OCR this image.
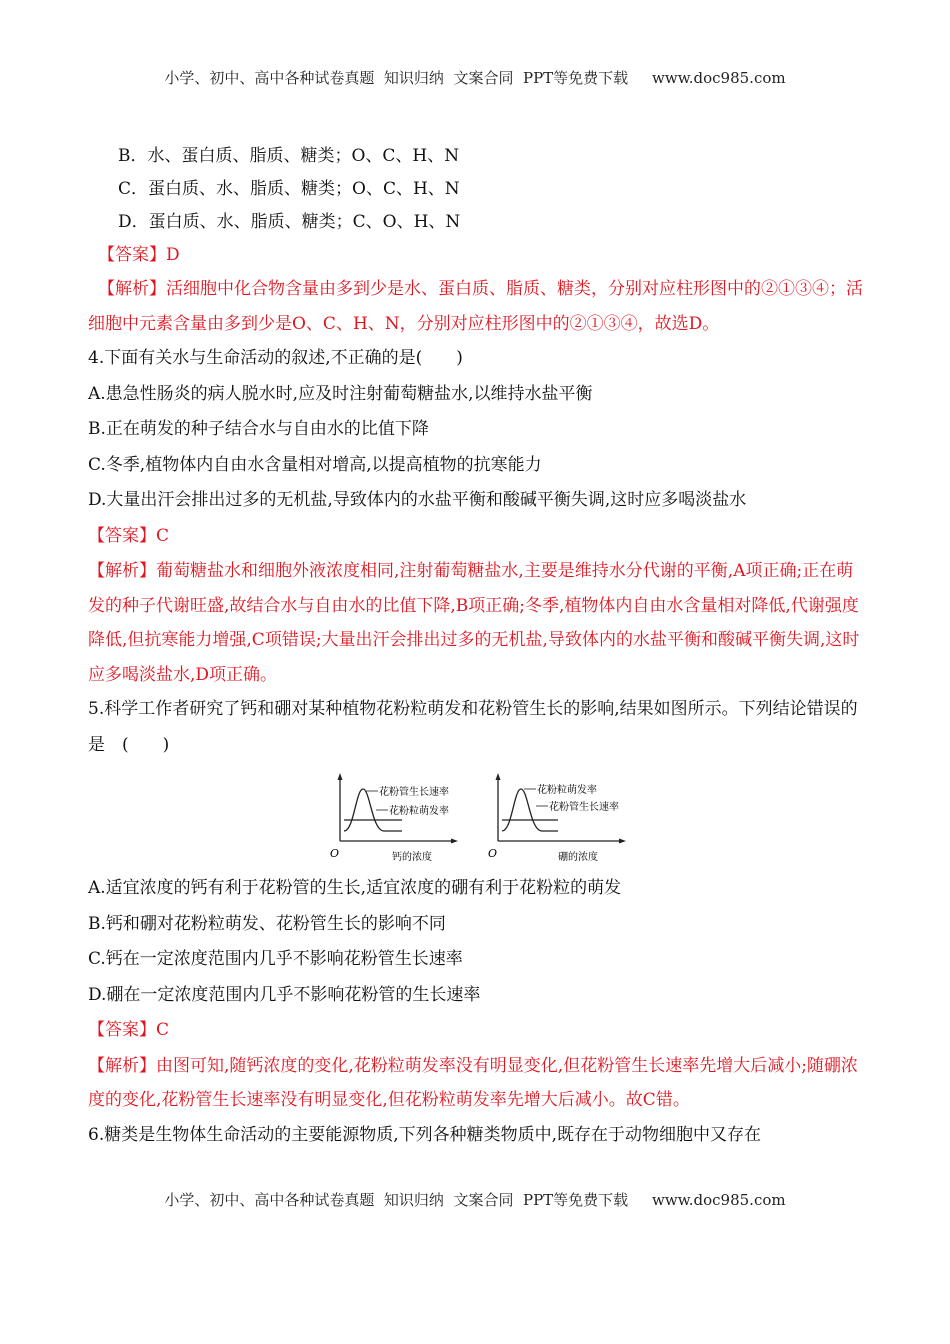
小学、初中、高中各种试卷真题  知识归纳  文案合同  PPT等免费下载     www.doc985.com
B．水、蛋白质、脂质、糖类；O、C、H、N
C．蛋白质、水、脂质、糖类；O、C、H、N
D．蛋白质、水、脂质、糖类；C、O、H、N
【答案】D
【解析】活细胞中化合物含量由多到少是水、蛋白质、脂质、糖类，分别对应柱形图中的②①③④；活细胞中元素含量由多到少是O、C、H、N，分别对应柱形图中的②①③④，故选D。
4.下面有关水与生命活动的叙述,不正确的是(　　)
A.患急性肠炎的病人脱水时,应及时注射葡萄糖盐水,以维持水盐平衡
B.正在萌发的种子结合水与自由水的比值下降
C.冬季,植物体内自由水含量相对增高,以提高植物的抗寒能力
D.大量出汗会排出过多的无机盐,导致体内的水盐平衡和酸碱平衡失调,这时应多喝淡盐水
【答案】C
【解析】葡萄糖盐水和细胞外液浓度相同,注射葡萄糖盐水,主要是维持水分代谢的平衡,A项正确;正在萌发的种子代谢旺盛,故结合水与自由水的比值下降,B项正确;冬季,植物体内自由水含量相对降低,代谢强度降低,但抗寒能力增强,C项错误;大量出汗会排出过多的无机盐,导致体内的水盐平衡和酸碱平衡失调,这时应多喝淡盐水,D项正确。
5.科学工作者研究了钙和硼对某种植物花粉粒萌发和花粉管生长的影响,结果如图所示。下列结论错误的是　(　　)
花粉管生长速率
花粉粒萌发率
O	钙的浓度
花粉粒萌发率
花粉管生长速率
O	硼的浓度
A.适宜浓度的钙有利于花粉管的生长,适宜浓度的硼有利于花粉粒的萌发
B.钙和硼对花粉粒萌发、花粉管生长的影响不同
C.钙在一定浓度范围内几乎不影响花粉管生长速率
D.硼在一定浓度范围内几乎不影响花粉管的生长速率
【答案】C
【解析】由图可知,随钙浓度的变化,花粉粒萌发率没有明显变化,但花粉管生长速率先增大后减小;随硼浓度的变化,花粉管生长速率没有明显变化,但花粉粒萌发率先增大后减小。故C错。
6.糖类是生物体生命活动的主要能源物质,下列各种糖类物质中,既存在于动物细胞中又存在
小学、初中、高中各种试卷真题  知识归纳  文案合同  PPT等免费下载     www.doc985.com
